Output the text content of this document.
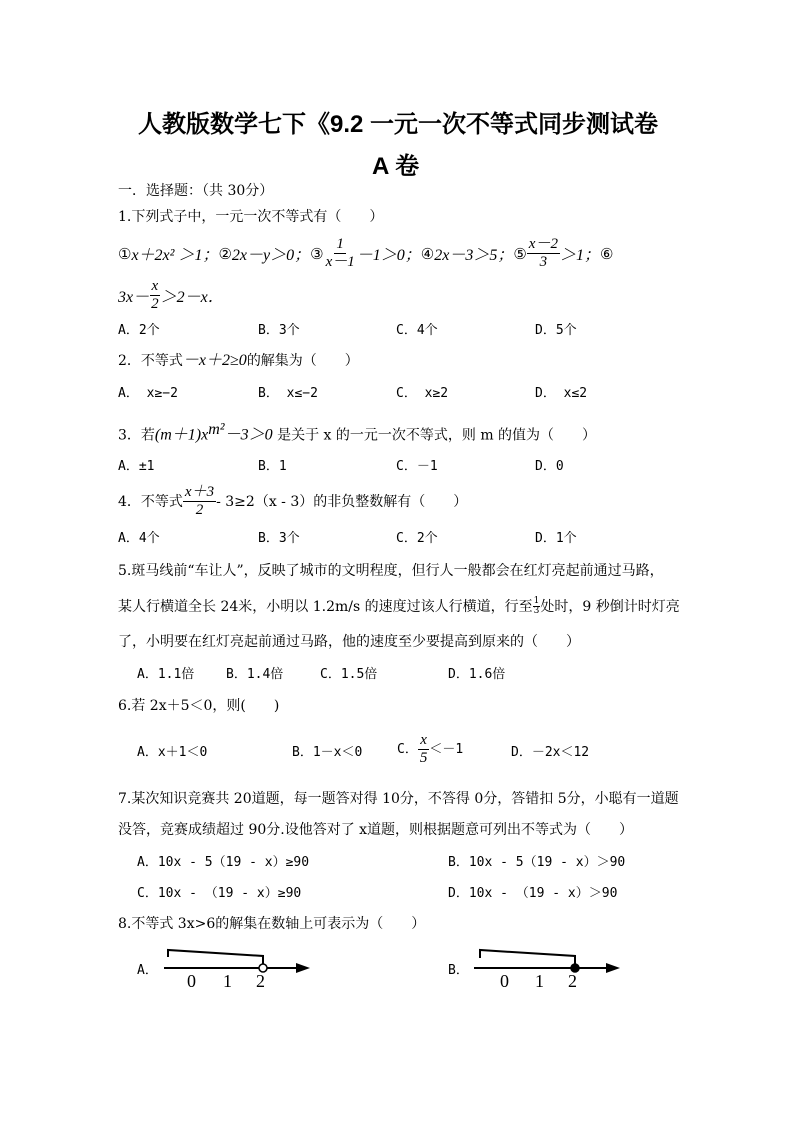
人教版数学七下《9.2 一元一次不等式同步测试卷
A 卷
一．选择题：（共 30分）
1.下列式子中，一元一次不等式有（　　）
① x＋2x² ＞1； ② 2x－y＞0； ③ $\frac{1}{x-1} -1>0$； ④ 2x－3＞5； ⑤ $\frac{x-2}{3} >1$； ⑥
$3x- \frac{x}{2} >2-x$．
A．2个	B．3个	C．4个	D．5个
2．不等式－x＋2≥0的解集为（　　）
A． x≥−2	B． x≤−2	C． x≥2	D． x≤2
3．若$(m+1)x^{m^2}-3>0$ 是关于 x 的一元一次不等式，则 m 的值为（　　）
A．±1	B．1	C．－1	D．0
4．不等式 $\frac{x+3}{2} - 3\ge 2(x - 3)$的非负整数解有（　　）
A．4个	B．3个	C．2个	D．1个
5.斑马线前“车让人”，反映了城市的文明程度，但行人一般都会在红灯亮起前通过马路，
某人行横道全长 24米，小明以 1.2m/s 的速度过该人行横道，行至 $\frac{1}{3}$ 处时，9 秒倒计时灯亮
了，小明要在红灯亮起前通过马路，他的速度至少要提高到原来的（　　）
A．1.1倍 B．1.4倍	C．1.5倍	D．1.6倍
6.若 2x＋5＜0，则(　　)
A．x＋1＜0	B．1－x＜0	C． $\frac{x}{5} <-1$	D．－2x＜12
7.某次知识竞赛共 20道题，每一题答对得 10分，不答得 0分，答错扣 5分，小聪有一道题
没答，竞赛成绩超过 90分.设他答对了 x道题，则根据题意可列出不等式为（　　）
A．10x - 5（19 - x）≥90	B．10x - 5（19 - x）＞90
C．10x - （19 - x）≥90	D．10x - （19 - x）＞90
8.不等式 3x>6的解集在数轴上可表示为（　　）
A．
0 1 2
B．
0 1 2
